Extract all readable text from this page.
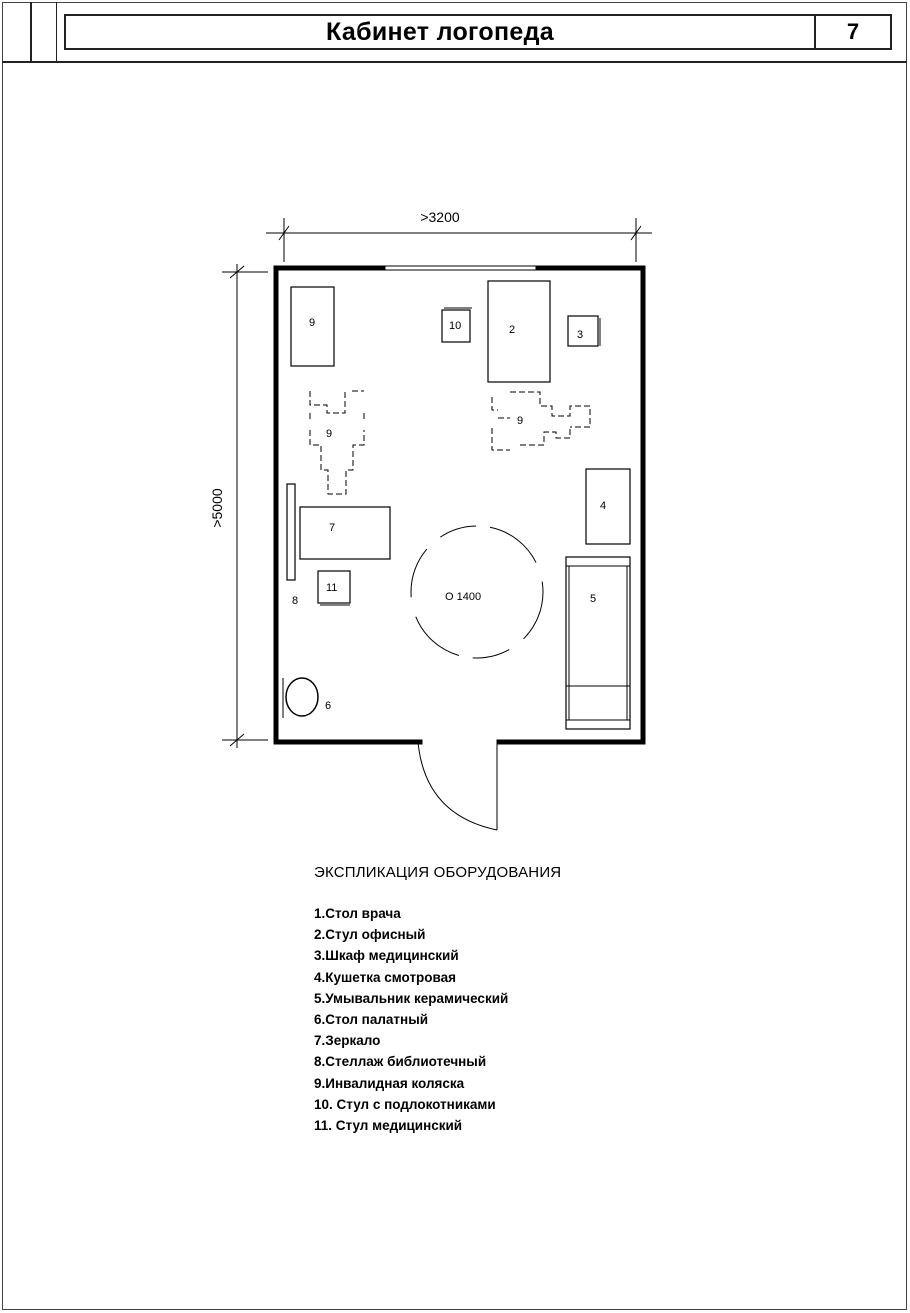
Кабинет логопеда	7
>3200
>5000
9	10	2	3
9
9
4
8
7
11
О 1400	5
6
ЭКСПЛИКАЦИЯ ОБОРУДОВАНИЯ
1.Стол врача
2.Стул офисный
3.Шкаф медицинский
4.Кушетка смотровая
5.Умывальник керамический
6.Стол палатный
7.Зеркало
8.Стеллаж библиотечный
9.Инвалидная коляска
10. Стул с подлокотниками
11. Стул медицинский
